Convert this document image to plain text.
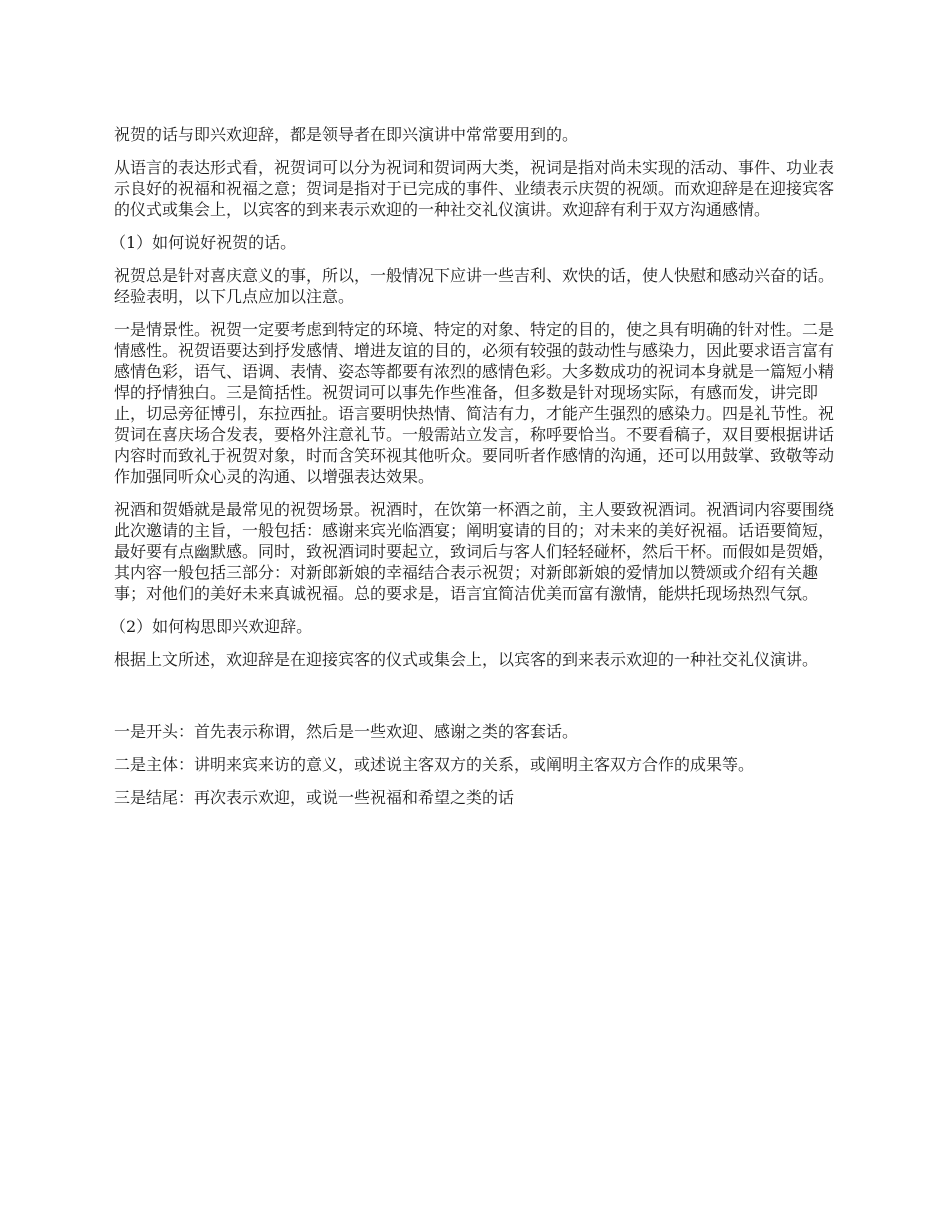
祝贺的话与即兴欢迎辞，都是领导者在即兴演讲中常常要用到的。

从语言的表达形式看，祝贺词可以分为祝词和贺词两大类，祝词是指对尚未实现的活动、事件、功业表示良好的祝福和祝福之意；贺词是指对于已完成的事件、业绩表示庆贺的祝颂。而欢迎辞是在迎接宾客的仪式或集会上，以宾客的到来表示欢迎的一种社交礼仪演讲。欢迎辞有利于双方沟通感情。

（1）如何说好祝贺的话。

祝贺总是针对喜庆意义的事，所以，一般情况下应讲一些吉利、欢快的话，使人快慰和感动兴奋的话。经验表明，以下几点应加以注意。

一是情景性。祝贺一定要考虑到特定的环境、特定的对象、特定的目的，使之具有明确的针对性。二是情感性。祝贺语要达到抒发感情、增进友谊的目的，必须有较强的鼓动性与感染力，因此要求语言富有感情色彩，语气、语调、表情、姿态等都要有浓烈的感情色彩。大多数成功的祝词本身就是一篇短小精悍的抒情独白。三是简括性。祝贺词可以事先作些准备，但多数是针对现场实际，有感而发，讲完即止，切忌旁征博引，东拉西扯。语言要明快热情、简洁有力，才能产生强烈的感染力。四是礼节性。祝贺词在喜庆场合发表，要格外注意礼节。一般需站立发言，称呼要恰当。不要看稿子，双目要根据讲话内容时而致礼于祝贺对象，时而含笑环视其他听众。要同听者作感情的沟通，还可以用鼓掌、致敬等动作加强同听众心灵的沟通、以增强表达效果。

祝酒和贺婚就是最常见的祝贺场景。祝酒时，在饮第一杯酒之前，主人要致祝酒词。祝酒词内容要围绕此次邀请的主旨，一般包括：感谢来宾光临酒宴；阐明宴请的目的；对未来的美好祝福。话语要简短，最好要有点幽默感。同时，致祝酒词时要起立，致词后与客人们轻轻碰杯，然后干杯。而假如是贺婚，其内容一般包括三部分：对新郎新娘的幸福结合表示祝贺；对新郎新娘的爱情加以赞颂或介绍有关趣事；对他们的美好未来真诚祝福。总的要求是，语言宜简洁优美而富有激情，能烘托现场热烈气氛。

（2）如何构思即兴欢迎辞。

根据上文所述，欢迎辞是在迎接宾客的仪式或集会上，以宾客的到来表示欢迎的一种社交礼仪演讲。

一是开头：首先表示称谓，然后是一些欢迎、感谢之类的客套话。

二是主体：讲明来宾来访的意义，或述说主客双方的关系，或阐明主客双方合作的成果等。

三是结尾：再次表示欢迎，或说一些祝福和希望之类的话
